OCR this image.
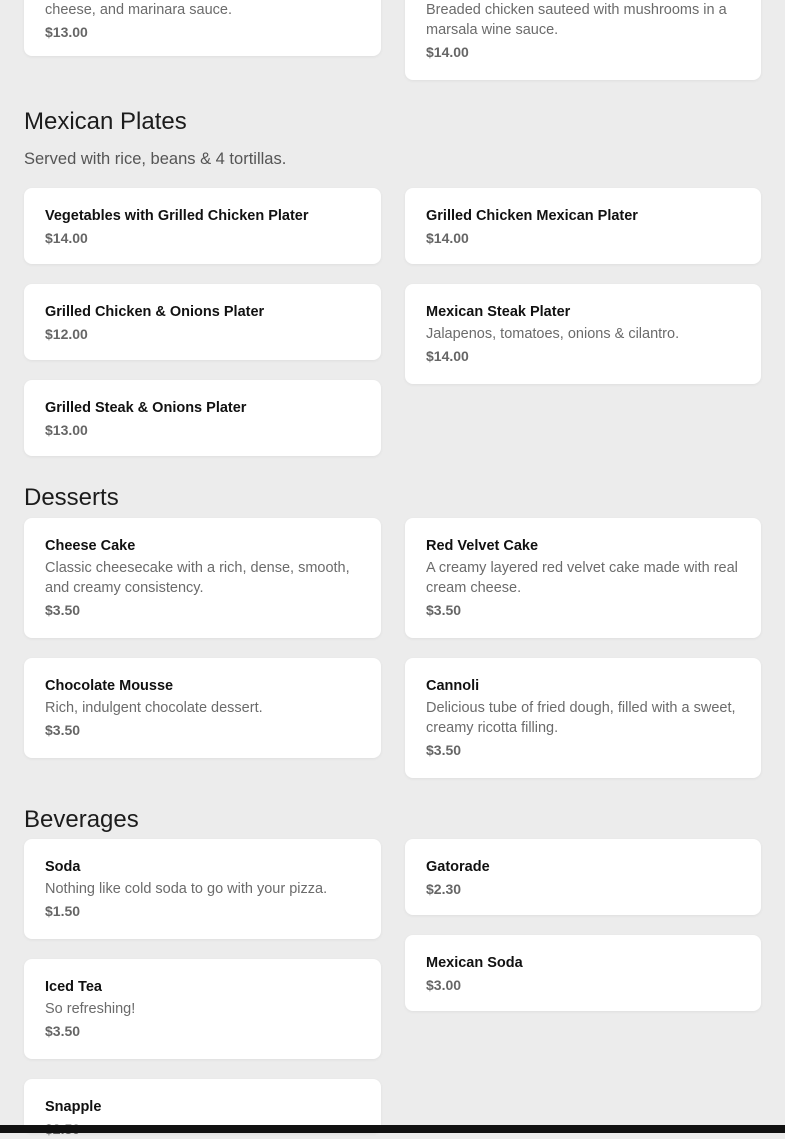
cheese, and marinara sauce.
$13.00
Breaded chicken sauteed with mushrooms in a marsala wine sauce.
$14.00
Mexican Plates
Served with rice, beans & 4 tortillas.
Vegetables with Grilled Chicken Plater
$14.00
Grilled Chicken Mexican Plater
$14.00
Grilled Chicken & Onions Plater
$12.00
Mexican Steak Plater
Jalapenos, tomatoes, onions & cilantro.
$14.00
Grilled Steak & Onions Plater
$13.00
Desserts
Cheese Cake
Classic cheesecake with a rich, dense, smooth, and creamy consistency.
$3.50
Red Velvet Cake
A creamy layered red velvet cake made with real cream cheese.
$3.50
Chocolate Mousse
Rich, indulgent chocolate dessert.
$3.50
Cannoli
Delicious tube of fried dough, filled with a sweet, creamy ricotta filling.
$3.50
Beverages
Soda
Nothing like cold soda to go with your pizza.
$1.50
Gatorade
$2.30
Iced Tea
So refreshing!
$3.50
Mexican Soda
$3.00
Snapple
